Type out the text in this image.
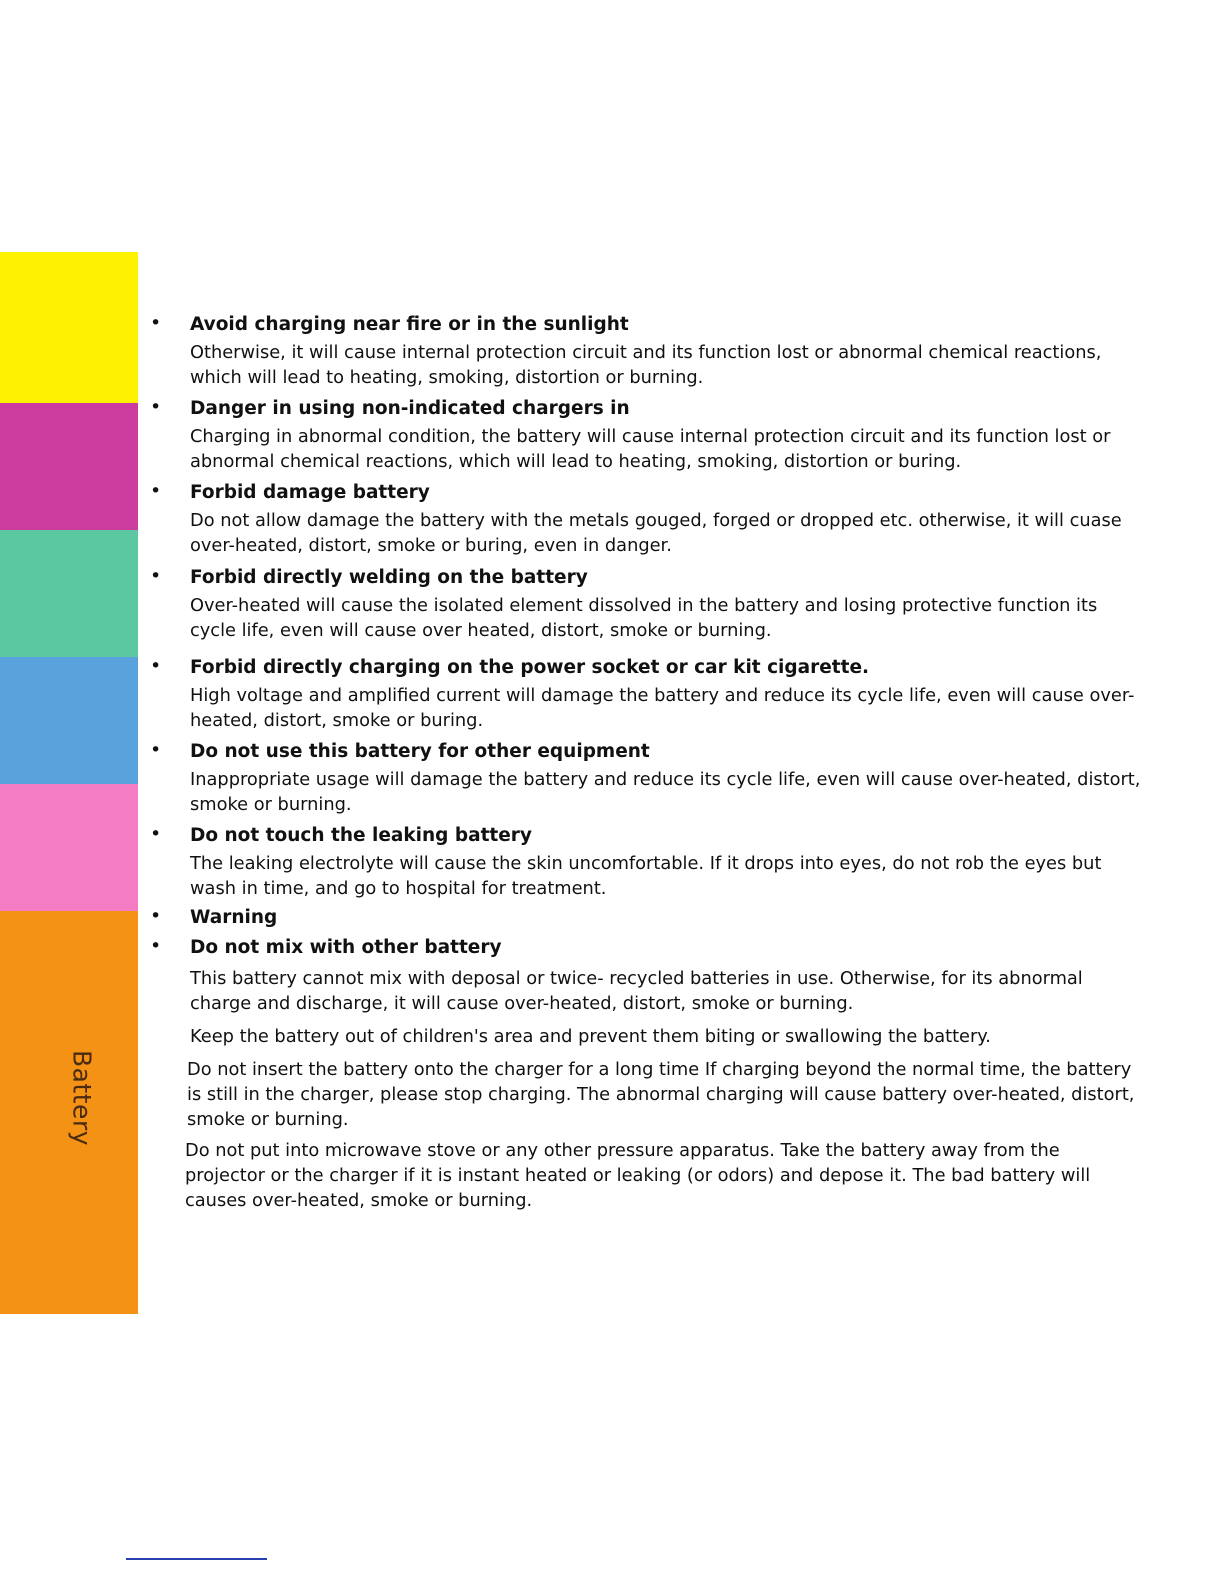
Battery
• Avoid charging near fire or in the sunlight
Otherwise, it will cause internal protection circuit and its function lost or abnormal chemical reactions, which will lead to heating, smoking, distortion or burning.
• Danger in using non-indicated chargers in
Charging in abnormal condition, the battery will cause internal protection circuit and its function lost or abnormal chemical reactions, which will lead to heating, smoking, distortion or buring.
• Forbid damage battery
Do not allow damage the battery with the metals gouged, forged or dropped etc. otherwise, it will cuase over-heated, distort, smoke or buring, even in danger.
• Forbid directly welding on the battery
Over-heated will cause the isolated element dissolved in the battery and losing protective function its cycle life, even will cause over heated, distort, smoke or burning.
• Forbid directly charging on the power socket or car kit cigarette.
High voltage and amplified current will damage the battery and reduce its cycle life, even will cause over-heated, distort, smoke or buring.
• Do not use this battery for other equipment
Inappropriate usage will damage the battery and reduce its cycle life, even will cause over-heated, distort, smoke or burning.
• Do not touch the leaking battery
The leaking electrolyte will cause the skin uncomfortable. If it drops into eyes, do not rob the eyes but wash in time, and go to hospital for treatment.
• Warning
• Do not mix with other battery
This battery cannot mix with deposal or twice- recycled batteries in use. Otherwise, for its abnormal charge and discharge, it will cause over-heated, distort, smoke or burning.
Keep the battery out of children's area and prevent them biting or swallowing the battery.
Do not insert the battery onto the charger for a long time If charging beyond the normal time, the battery is still in the charger, please stop charging. The abnormal charging will cause battery over-heated, distort, smoke or burning.
Do not put into microwave stove or any other pressure apparatus. Take the battery away from the projector or the charger if it is instant heated or leaking (or odors) and depose it. The bad battery will causes over-heated, smoke or burning.
